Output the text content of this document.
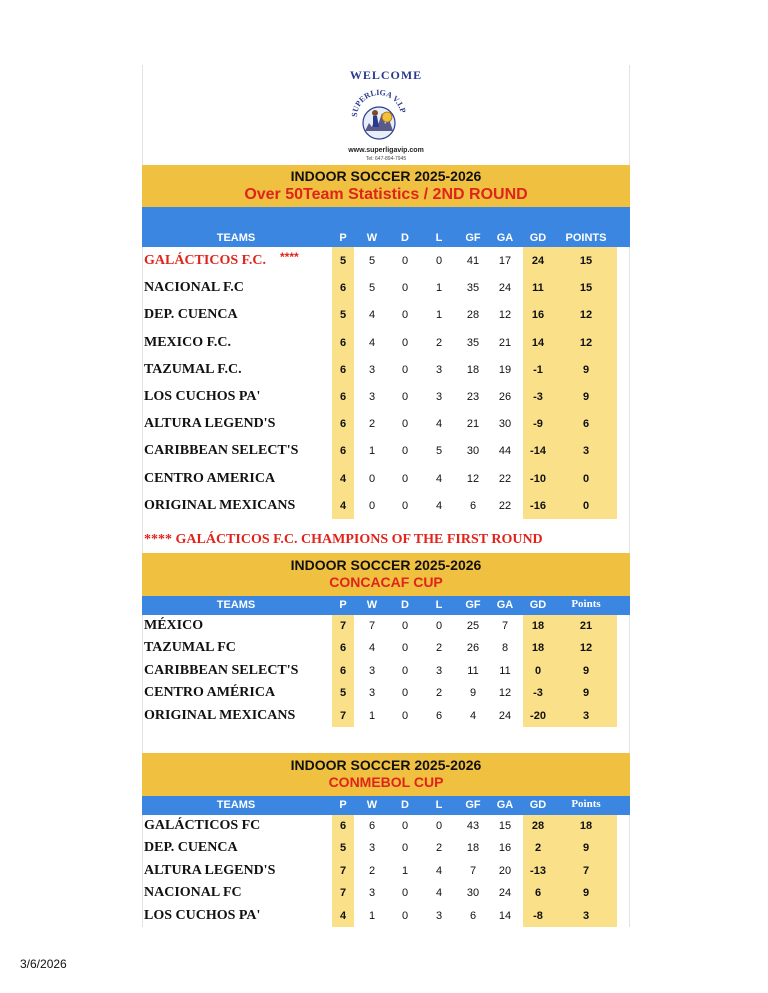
WELCOME
SUPERLIGA V.I.P
www.superligavip.com
Tel: 647-894-7945
INDOOR SOCCER 2025-2026
Over 50Team Statistics / 2ND ROUND
TEAMS	P	W	D	L	GF	GA	GD	POINTS
GALÁCTICOS F.C. ****	5	5	0	0	41	17	24	15
NACIONAL F.C	6	5	0	1	35	24	11	15
DEP. CUENCA	5	4	0	1	28	12	16	12
MEXICO F.C.	6	4	0	2	35	21	14	12
TAZUMAL F.C.	6	3	0	3	18	19	-1	9
LOS CUCHOS PA'	6	3	0	3	23	26	-3	9
ALTURA LEGEND'S	6	2	0	4	21	30	-9	6
CARIBBEAN SELECT'S	6	1	0	5	30	44	-14	3
CENTRO AMERICA	4	0	0	4	12	22	-10	0
ORIGINAL MEXICANS	4	0	0	4	6	22	-16	0
**** GALÁCTICOS F.C. CHAMPIONS OF THE FIRST ROUND
INDOOR SOCCER 2025-2026
CONCACAF CUP
TEAMS	P	W	D	L	GF	GA	GD	Points
MÉXICO	7	7	0	0	25	7	18	21
TAZUMAL FC	6	4	0	2	26	8	18	12
CARIBBEAN SELECT'S	6	3	0	3	11	11	0	9
CENTRO AMÉRICA	5	3	0	2	9	12	-3	9
ORIGINAL MEXICANS	7	1	0	6	4	24	-20	3
INDOOR SOCCER 2025-2026
CONMEBOL CUP
TEAMS	P	W	D	L	GF	GA	GD	Points
GALÁCTICOS FC	6	6	0	0	43	15	28	18
DEP. CUENCA	5	3	0	2	18	16	2	9
ALTURA LEGEND'S	7	2	1	4	7	20	-13	7
NACIONAL FC	7	3	0	4	30	24	6	9
LOS CUCHOS PA'	4	1	0	3	6	14	-8	3
3/6/2026
